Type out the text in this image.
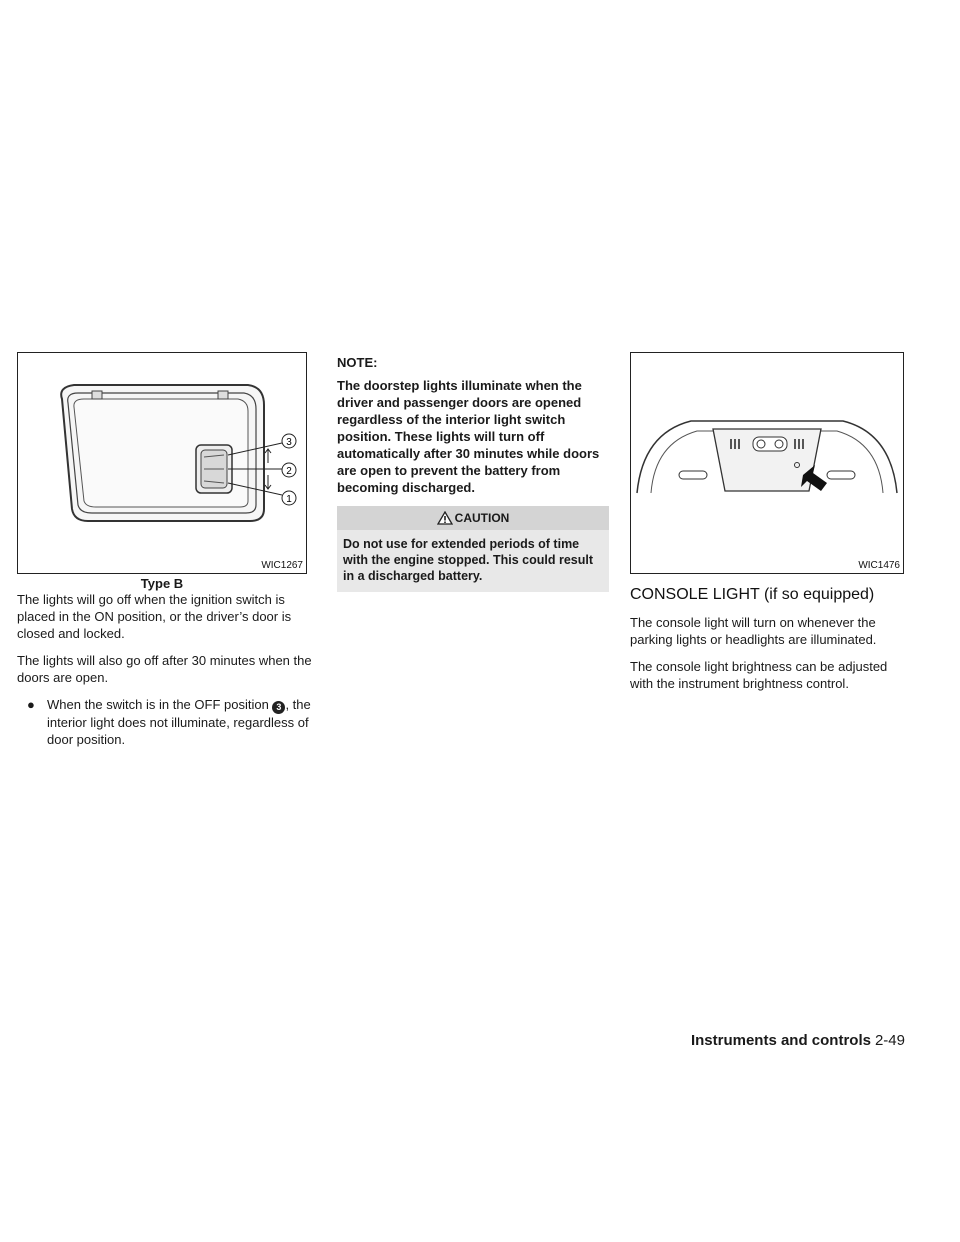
3
2
1
WIC1267
Type B

The lights will go off when the ignition switch is placed in the ON position, or the driver’s door is closed and locked.

The lights will also go off after 30 minutes when the doors are open.

● When the switch is in the OFF position 3 , the interior light does not illuminate, regardless of door position.

NOTE:

The doorstep lights illuminate when the driver and passenger doors are opened regardless of the interior light switch position. These lights will turn off automatically after 30 minutes while doors are open to prevent the battery from becoming discharged.

CAUTION
Do not use for extended periods of time with the engine stopped. This could result in a discharged battery.
WIC1476
CONSOLE LIGHT (if so equipped)

The console light will turn on whenever the parking lights or headlights are illuminated.

The console light brightness can be adjusted with the instrument brightness control.

Instruments and controls 2-49
